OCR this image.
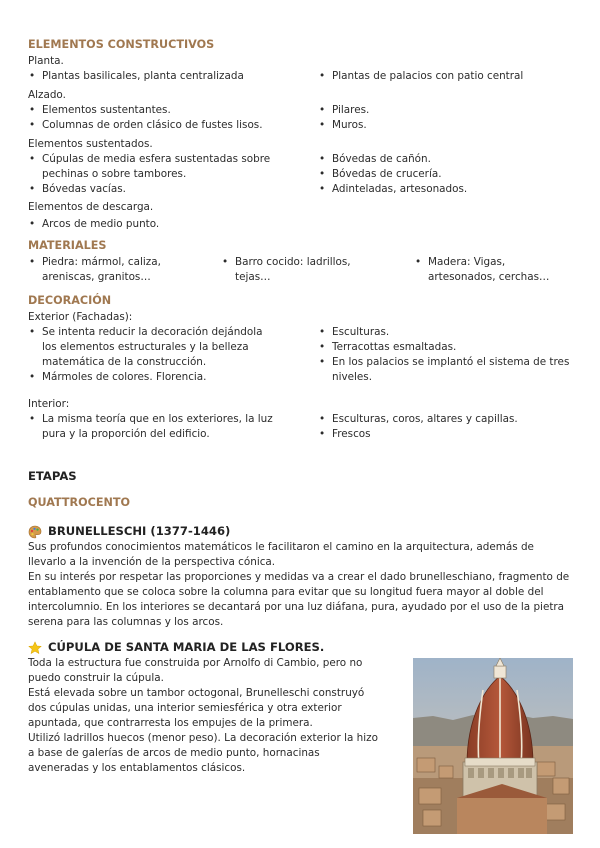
ELEMENTOS CONSTRUCTIVOS
Planta.
• Plantas basilicales, planta centralizada
•	Plantas de palacios con patio central
Alzado.
• Elementos sustentantes.
• Columnas de orden clásico de fustes lisos.
• Pilares.
• Muros.
Elementos sustentados.
• Cúpulas de media esfera sustentadas sobre pechinas o sobre tambores.
• Bóvedas vacías.
• Bóvedas de cañón.
• Bóvedas de crucería.
• Adinteladas, artesonados.
Elementos de descarga.
• Arcos de medio punto.
MATERIALES
• Piedra: mármol, caliza, areniscas, granitos…
• Barro cocido: ladrillos, tejas…
• Madera: Vigas, artesonados, cerchas…
DECORACIÓN
Exterior (Fachadas):
• Se intenta reducir la decoración dejándola los elementos estructurales y la belleza matemática de la construcción.
• Mármoles de colores. Florencia.
• Esculturas.
• Terracottas esmaltadas.
• En los palacios se implantó el sistema de tres niveles.
Interior:
• La misma teoría que en los exteriores, la luz pura y la proporción del edificio.
• Esculturas, coros, altares y capillas.
• Frescos
ETAPAS
QUATTROCENTO
BRUNELLESCHI (1377-1446)
Sus profundos conocimientos matemáticos le facilitaron el camino en la arquitectura, además de llevarlo a la invención de la perspectiva cónica.
En su interés por respetar las proporciones y medidas va a crear el dado brunelleschiano, fragmento de entablamento que se coloca sobre la columna para evitar que su longitud fuera mayor al doble del intercolumnio. En los interiores se decantará por una luz diáfana, pura, ayudado por el uso de la pietra serena para las columnas y los arcos.
CÚPULA DE SANTA MARIA DE LAS FLORES.
Toda la estructura fue construida por Arnolfo di Cambio, pero no puedo construir la cúpula.
Está elevada sobre un tambor octogonal, Brunelleschi construyó dos cúpulas unidas, una interior semiesférica y otra exterior apuntada, que contrarresta los empujes de la primera.
Utilizó ladrillos huecos (menor peso). La decoración exterior la hizo a base de galerías de arcos de medio punto, hornacinas aveneradas y los entablamentos clásicos.
